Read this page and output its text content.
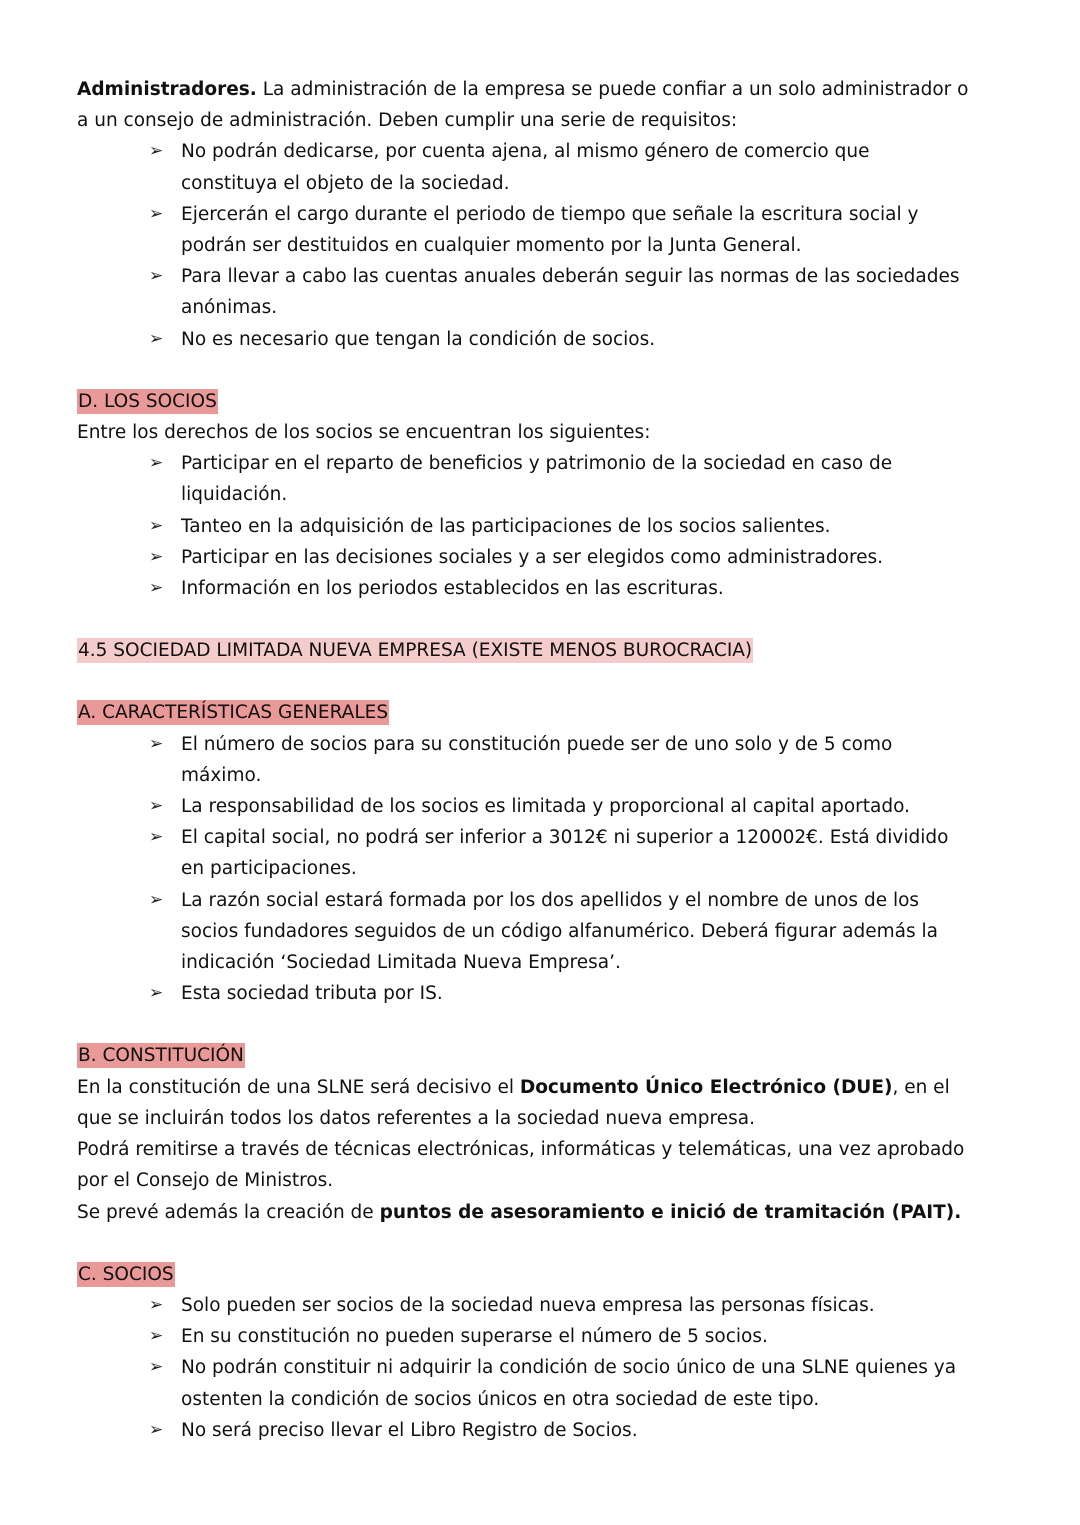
Administradores. La administración de la empresa se puede confiar a un solo administrador o a un consejo de administración. Deben cumplir una serie de requisitos:

➢ No podrán dedicarse, por cuenta ajena, al mismo género de comercio que constituya el objeto de la sociedad.
➢ Ejercerán el cargo durante el periodo de tiempo que señale la escritura social y podrán ser destituidos en cualquier momento por la Junta General.
➢ Para llevar a cabo las cuentas anuales deberán seguir las normas de las sociedades anónimas.
➢ No es necesario que tengan la condición de socios.
D. LOS SOCIOS

Entre los derechos de los socios se encuentran los siguientes:

➢ Participar en el reparto de beneficios y patrimonio de la sociedad en caso de liquidación.
➢ Tanteo en la adquisición de las participaciones de los socios salientes.
➢ Participar en las decisiones sociales y a ser elegidos como administradores.
➢ Información en los periodos establecidos en las escrituras.
4.5 SOCIEDAD LIMITADA NUEVA EMPRESA (EXISTE MENOS BUROCRACIA)
A. CARACTERÍSTICAS GENERALES
➢ El número de socios para su constitución puede ser de uno solo y de 5 como máximo.
➢ La responsabilidad de los socios es limitada y proporcional al capital aportado.
➢ El capital social, no podrá ser inferior a 3012€ ni superior a 120002€. Está dividido en participaciones.
➢ La razón social estará formada por los dos apellidos y el nombre de unos de los socios fundadores seguidos de un código alfanumérico. Deberá figurar además la indicación ‘Sociedad Limitada Nueva Empresa’.
➢ Esta sociedad tributa por IS.
B. CONSTITUCIÓN

En la constitución de una SLNE será decisivo el Documento Único Electrónico (DUE), en el que se incluirán todos los datos referentes a la sociedad nueva empresa.

Podrá remitirse a través de técnicas electrónicas, informáticas y telemáticas, una vez aprobado por el Consejo de Ministros.

Se prevé además la creación de puntos de asesoramiento e inició de tramitación (PAIT).

C. SOCIOS
➢ Solo pueden ser socios de la sociedad nueva empresa las personas físicas.
➢ En su constitución no pueden superarse el número de 5 socios.
➢ No podrán constituir ni adquirir la condición de socio único de una SLNE quienes ya ostenten la condición de socios únicos en otra sociedad de este tipo.
➢ No será preciso llevar el Libro Registro de Socios.
